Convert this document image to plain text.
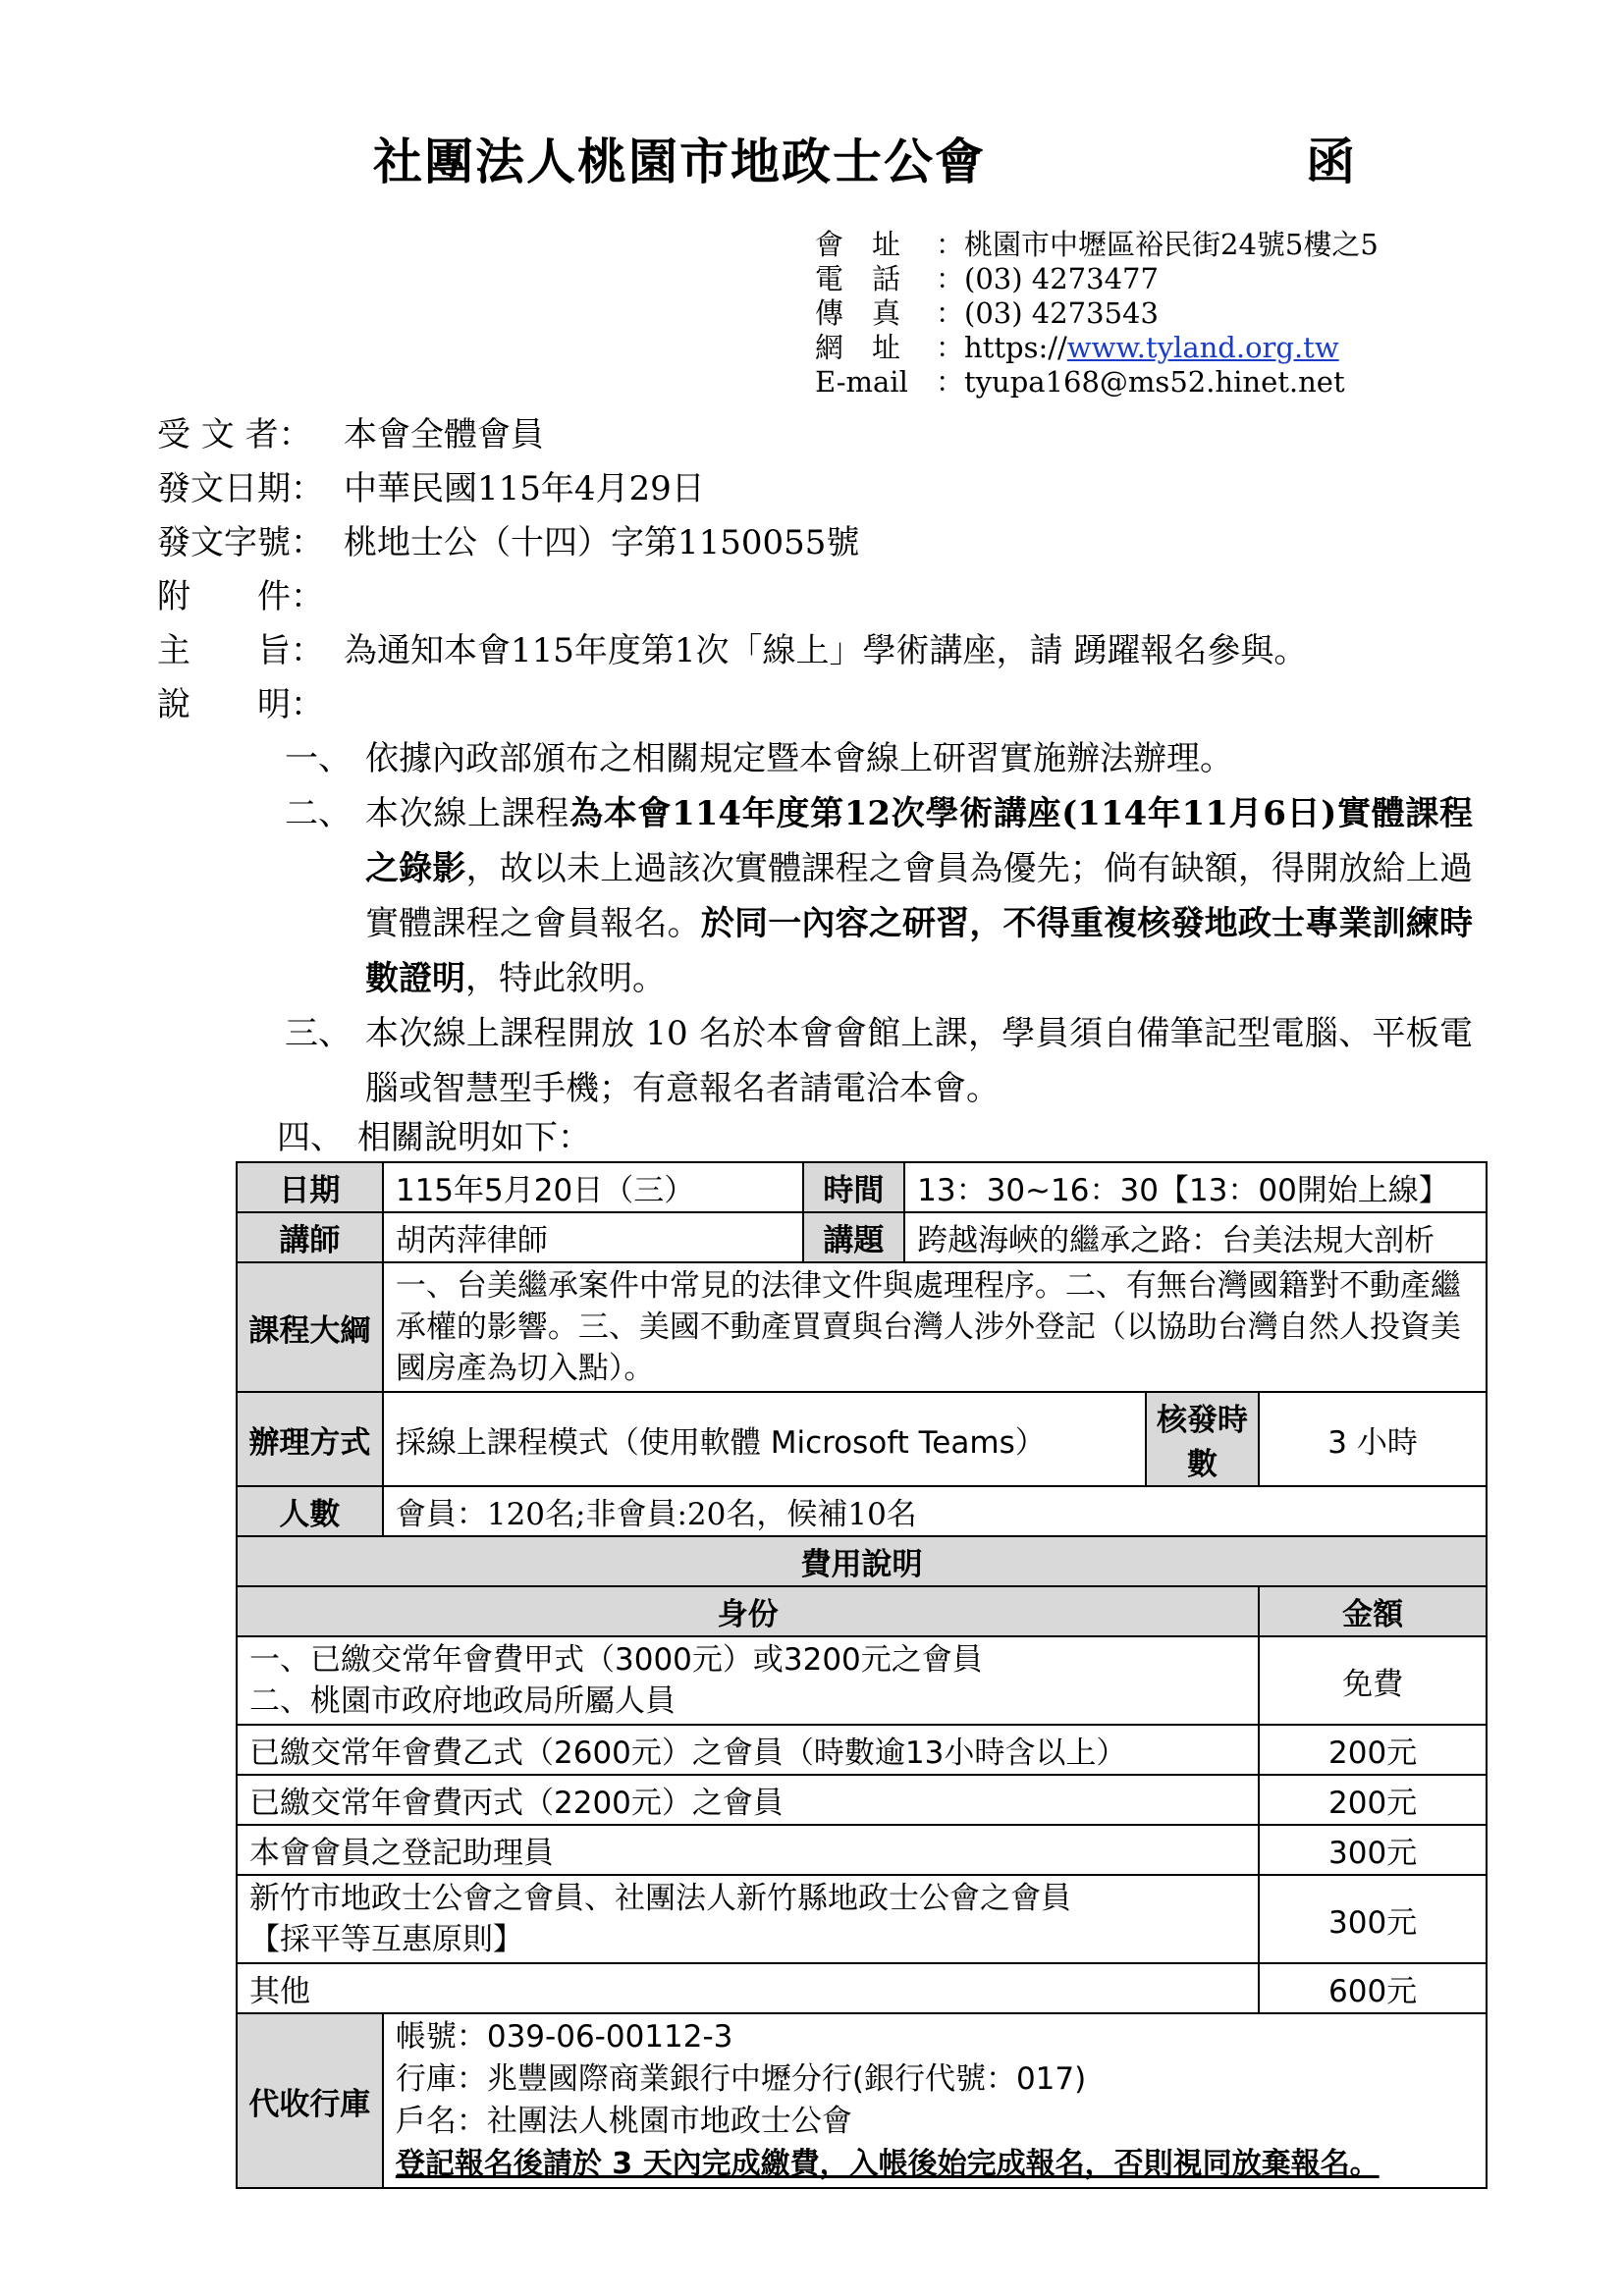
社團法人桃園市地政士公會	函
會　址 ：桃園市中壢區裕民街24號5樓之5
電　話 ：(03) 4273477
傳　真 ：(03) 4273543
網　址 ：https://www.tyland.org.tw
E-mail ：tyupa168@ms52.hinet.net
受 文 者： 本會全體會員
發文日期： 中華民國115年4月29日
發文字號： 桃地士公（十四）字第1150055號
附　　件：
主　　旨： 為通知本會115年度第1次「線上」學術講座，請 踴躍報名參與。
說　　明：
一、 依據內政部頒布之相關規定暨本會線上研習實施辦法辦理。
二、 本次線上課程為本會114年度第12次學術講座(114年11月6日)實體課程之錄影，故以未上過該次實體課程之會員為優先；倘有缺額，得開放給上過實體課程之會員報名。於同一內容之研習，不得重複核發地政士專業訓練時數證明，特此敘明。
三、 本次線上課程開放 10 名於本會會館上課，學員須自備筆記型電腦、平板電腦或智慧型手機；有意報名者請電洽本會。
四、 相關說明如下：
日期	115年5月20日（三）	時間	13：30~16：30【13：00開始上線】		
講師	胡芮萍律師	講題	跨越海峽的繼承之路：台美法規大剖析		
課程大綱	一、台美繼承案件中常見的法律文件與處理程序。二、有無台灣國籍對不動產繼承權的影響。三、美國不動產買賣與台灣人涉外登記（以協助台灣自然人投資美國房產為切入點）。				
辦理方式	採線上課程模式（使用軟體 Microsoft Teams）			核發時數	3 小時
人數	會員：120名;非會員:20名，候補10名				
費用說明					
身份					金額

一、已繳交常年會費甲式（3000元）或3200元之會員
二、桃園市政府地政局所屬人員					免費
已繳交常年會費乙式（2600元）之會員（時數逾13小時含以上）					200元
已繳交常年會費丙式（2200元）之會員					200元
本會會員之登記助理員					300元

新竹市地政士公會之會員、社團法人新竹縣地政士公會之會員
【採平等互惠原則】					300元
其他					600元
代收行庫	帳號：039-06-00112-3
行庫：兆豐國際商業銀行中壢分行(銀行代號：017)
戶名：社團法人桃園市地政士公會
登記報名後請於 3 天內完成繳費，入帳後始完成報名，否則視同放棄報名。				
